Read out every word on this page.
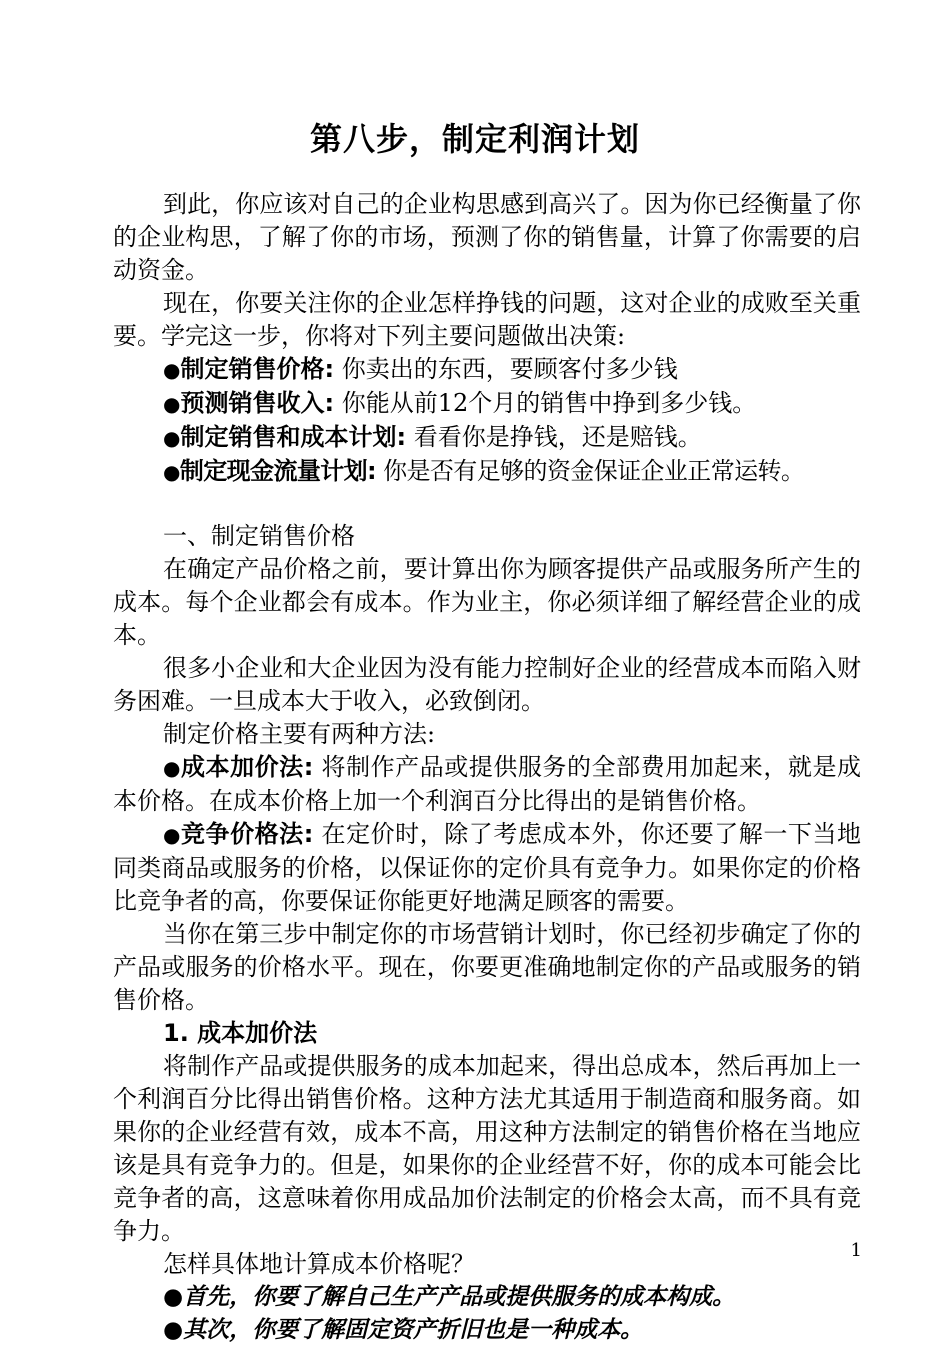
第八步，制定利润计划

到此，你应该对自己的企业构思感到高兴了。因为你已经衡量了你的企业构思，了解了你的市场，预测了你的销售量，计算了你需要的启动资金。

现在，你要关注你的企业怎样挣钱的问题，这对企业的成败至关重要。学完这一步，你将对下列主要问题做出决策:

●制定销售价格: 你卖出的东西，要顾客付多少钱

●预测销售收入: 你能从前12个月的销售中挣到多少钱。

●制定销售和成本计划: 看看你是挣钱，还是赔钱。

●制定现金流量计划: 你是否有足够的资金保证企业正常运转。

一、制定销售价格

在确定产品价格之前，要计算出你为顾客提供产品或服务所产生的成本。每个企业都会有成本。作为业主，你必须详细了解经营企业的成本。

很多小企业和大企业因为没有能力控制好企业的经营成本而陷入财务困难。一旦成本大于收入，必致倒闭。

制定价格主要有两种方法:

●成本加价法: 将制作产品或提供服务的全部费用加起来，就是成本价格。在成本价格上加一个利润百分比得出的是销售价格。

●竞争价格法: 在定价时，除了考虑成本外，你还要了解一下当地同类商品或服务的价格，以保证你的定价具有竞争力。如果你定的价格比竞争者的高，你要保证你能更好地满足顾客的需要。

当你在第三步中制定你的市场营销计划时，你已经初步确定了你的产品或服务的价格水平。现在，你要更准确地制定你的产品或服务的销售价格。

1. 成本加价法

将制作产品或提供服务的成本加起来，得出总成本，然后再加上一个利润百分比得出销售价格。这种方法尤其适用于制造商和服务商。如果你的企业经营有效，成本不高，用这种方法制定的销售价格在当地应该是具有竞争力的。但是，如果你的企业经营不好，你的成本可能会比竞争者的高，这意味着你用成品加价法制定的价格会太高，而不具有竞争力。

怎样具体地计算成本价格呢？

●首先，你要了解自己生产产品或提供服务的成本构成。

●其次，你要了解固定资产折旧也是一种成本。

1
